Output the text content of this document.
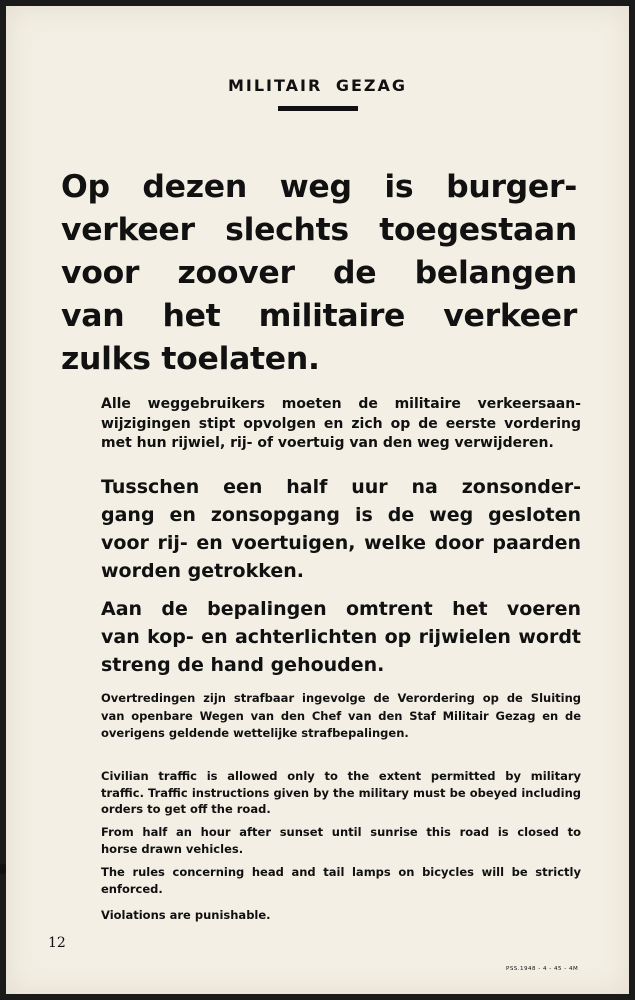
MILITAIR GEZAG
Op dezen weg is burger-
verkeer slechts toegestaan
voor zoover de belangen
van het militaire verkeer
zulks toelaten.

Alle weggebruikers moeten de militaire verkeersaan-
wijzigingen stipt opvolgen en zich op de eerste vordering
met hun rijwiel, rij- of voertuig van den weg verwijderen.

Tusschen een half uur na zonsonder-
gang en zonsopgang is de weg gesloten
voor rij- en voertuigen, welke door paarden
worden getrokken.

Aan de bepalingen omtrent het voeren
van kop- en achterlichten op rijwielen wordt
streng de hand gehouden.

Overtredingen zijn strafbaar ingevolge de Verordering op de Sluiting
van openbare Wegen van den Chef van den Staf Militair Gezag en de
overigens geldende wettelijke strafbepalingen.

Civilian traffic is allowed only to the extent permitted by military
traffic. Traffic instructions given by the military must be obeyed including
orders to get off the road.

From half an hour after sunset until sunrise this road is closed to
horse drawn vehicles.

The rules concerning head and tail lamps on bicycles will be strictly
enforced.

Violations are punishable.

12
PSS.1948 - 4 - 45 - 4M
